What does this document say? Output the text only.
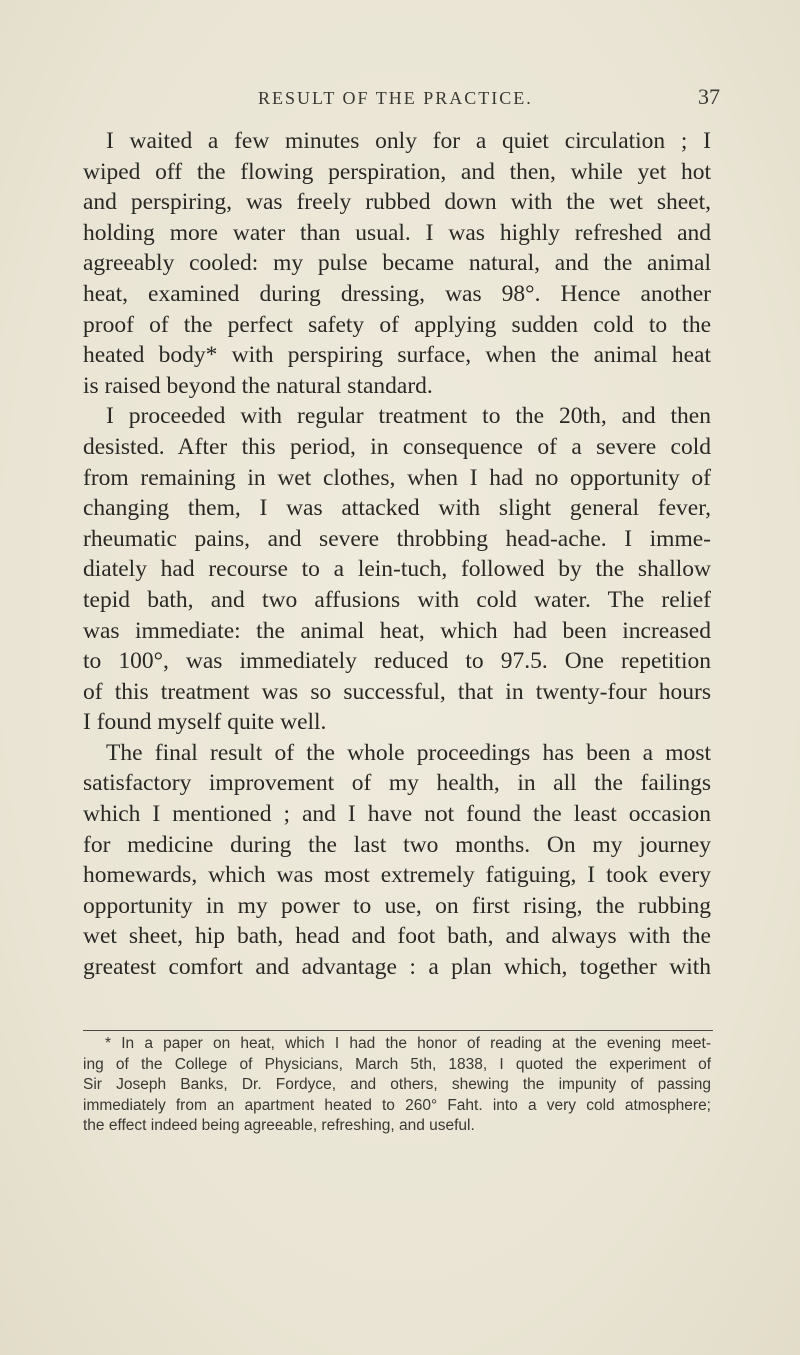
RESULT OF THE PRACTICE.	37
I waited a few minutes only for a quiet circulation ; I
wiped off the flowing perspiration, and then, while yet hot
and perspiring, was freely rubbed down with the wet sheet,
holding more water than usual. I was highly refreshed and
agreeably cooled: my pulse became natural, and the animal
heat, examined during dressing, was 98°. Hence another
proof of the perfect safety of applying sudden cold to the
heated body* with perspiring surface, when the animal heat
is raised beyond the natural standard.
I proceeded with regular treatment to the 20th, and then
desisted. After this period, in consequence of a severe cold
from remaining in wet clothes, when I had no opportunity of
changing them, I was attacked with slight general fever,
rheumatic pains, and severe throbbing head-ache. I imme-
diately had recourse to a lein-tuch, followed by the shallow
tepid bath, and two affusions with cold water. The relief
was immediate: the animal heat, which had been increased
to 100°, was immediately reduced to 97.5. One repetition
of this treatment was so successful, that in twenty-four hours
I found myself quite well.
The final result of the whole proceedings has been a most
satisfactory improvement of my health, in all the failings
which I mentioned ; and I have not found the least occasion
for medicine during the last two months. On my journey
homewards, which was most extremely fatiguing, I took every
opportunity in my power to use, on first rising, the rubbing
wet sheet, hip bath, head and foot bath, and always with the
greatest comfort and advantage : a plan which, together with
* In a paper on heat, which I had the honor of reading at the evening meet-
ing of the College of Physicians, March 5th, 1838, I quoted the experiment of
Sir Joseph Banks, Dr. Fordyce, and others, shewing the impunity of passing
immediately from an apartment heated to 260° Faht. into a very cold atmosphere;
the effect indeed being agreeable, refreshing, and useful.
